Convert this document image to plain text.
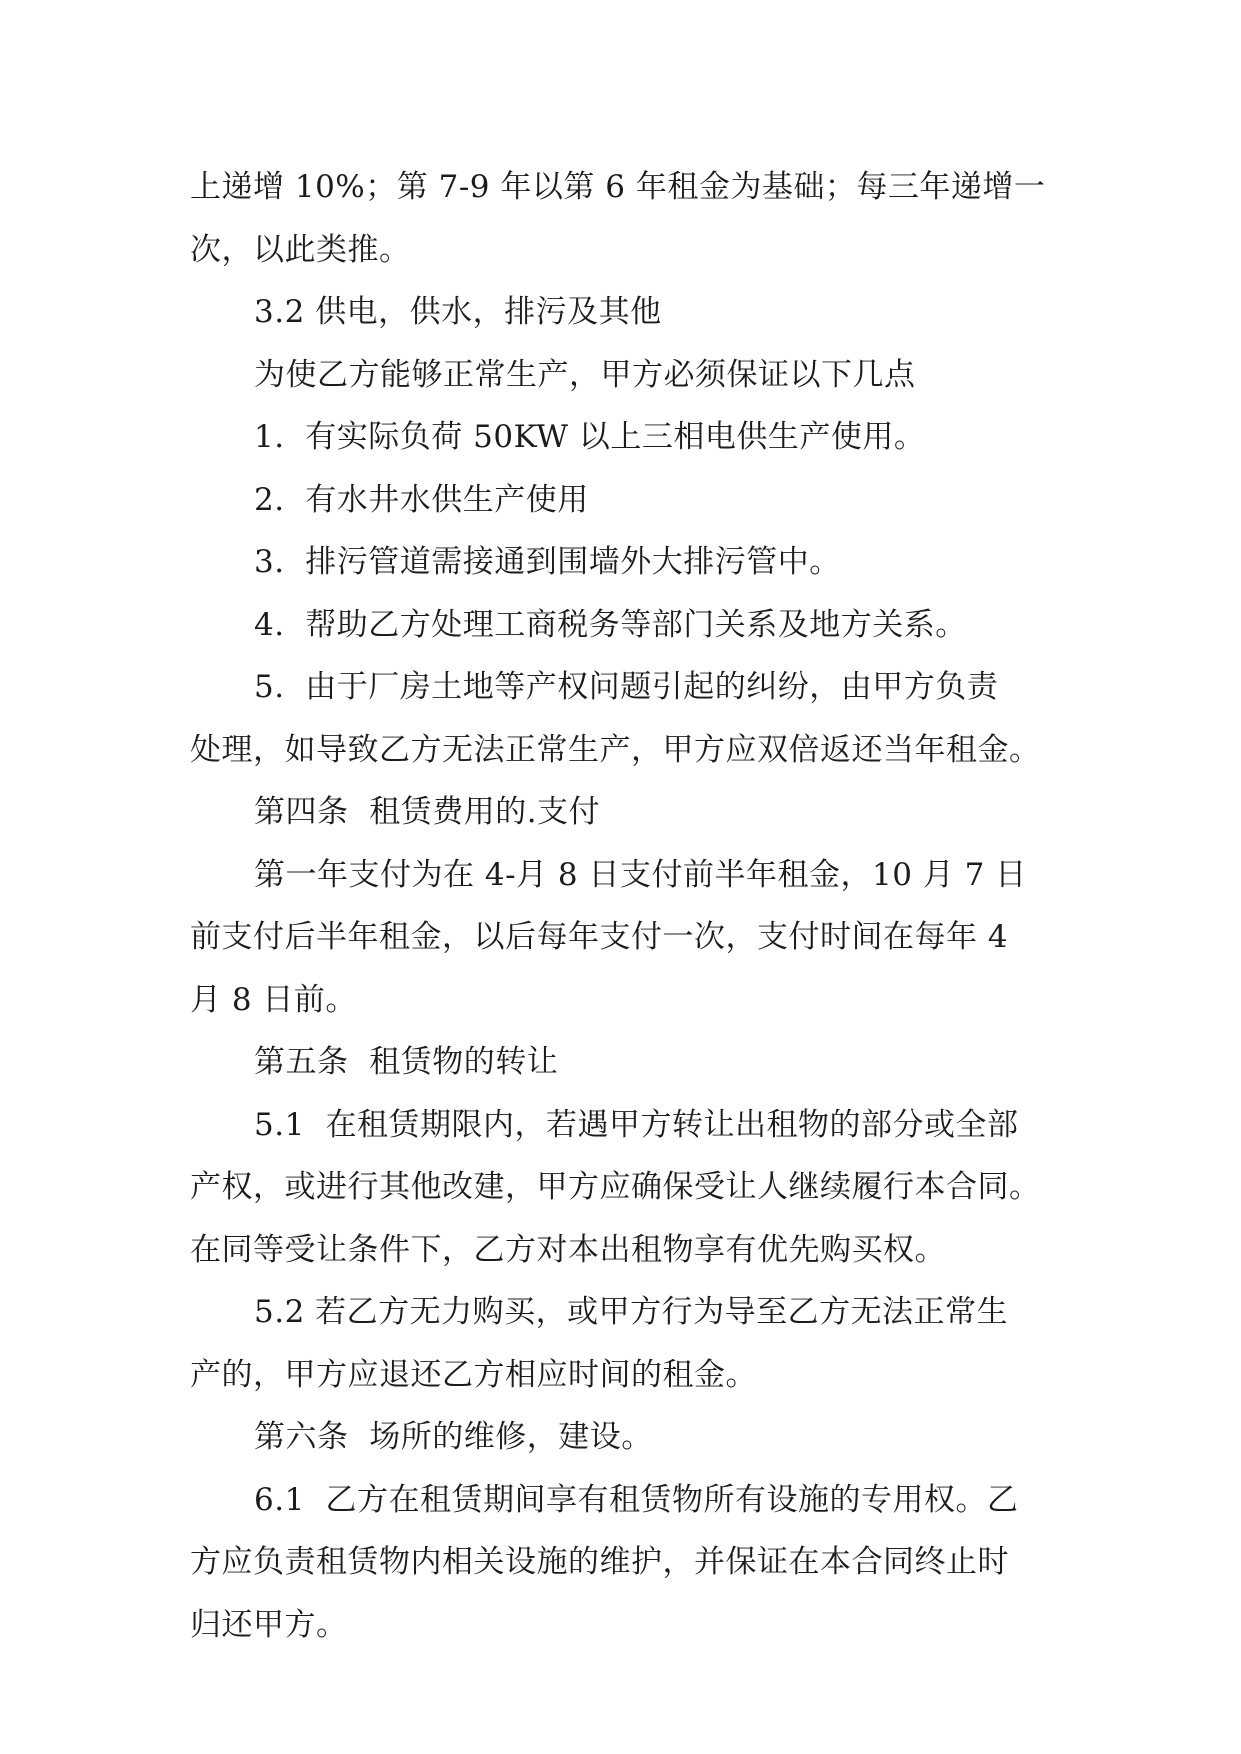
上递增 10%；第 7-9 年以第 6 年租金为基础；每三年递增一
次，以此类推。
3.2 供电，供水，排污及其他
为使乙方能够正常生产，甲方必须保证以下几点
1.  有实际负荷 50KW 以上三相电供生产使用。
2.  有水井水供生产使用
3.  排污管道需接通到围墙外大排污管中。
4.  帮助乙方处理工商税务等部门关系及地方关系。
5.  由于厂房土地等产权问题引起的纠纷，由甲方负责
处理，如导致乙方无法正常生产，甲方应双倍返还当年租金。
第四条  租赁费用的.支付
第一年支付为在 4-月 8 日支付前半年租金，10 月 7 日
前支付后半年租金，以后每年支付一次，支付时间在每年 4
月 8 日前。
第五条  租赁物的转让
5.1  在租赁期限内，若遇甲方转让出租物的部分或全部
产权，或进行其他改建，甲方应确保受让人继续履行本合同。
在同等受让条件下，乙方对本出租物享有优先购买权。
5.2 若乙方无力购买，或甲方行为导至乙方无法正常生
产的，甲方应退还乙方相应时间的租金。
第六条  场所的维修，建设。
6.1  乙方在租赁期间享有租赁物所有设施的专用权。乙
方应负责租赁物内相关设施的维护，并保证在本合同终止时
归还甲方。
